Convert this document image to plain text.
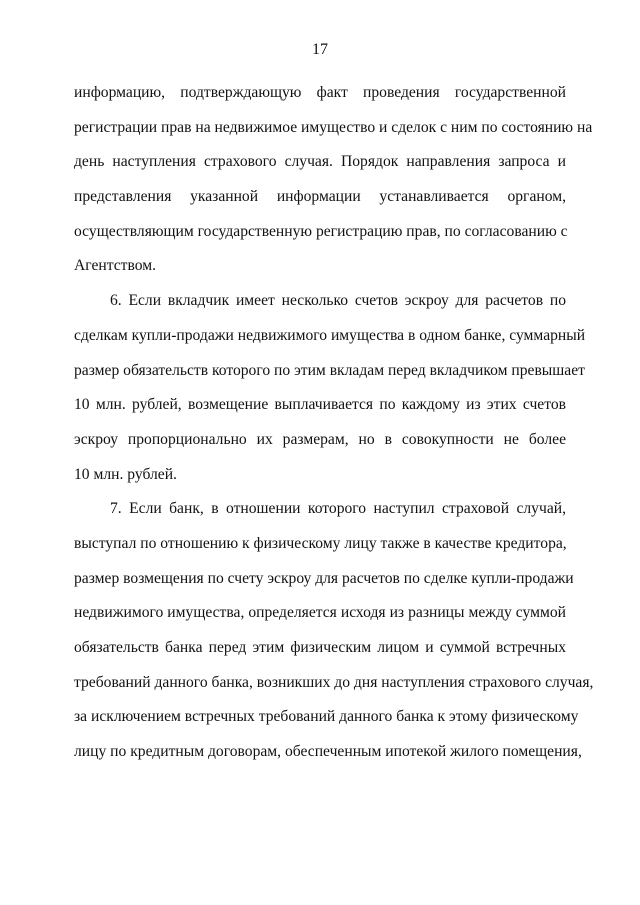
17
информацию, подтверждающую факт проведения государственной
регистрации прав на недвижимое имущество и сделок с ним по состоянию на
день наступления страхового случая. Порядок направления запроса и
представления указанной информации устанавливается органом,
осуществляющим государственную регистрацию прав, по согласованию с
Агентством.
6. Если вкладчик имеет несколько счетов эскроу для расчетов по
сделкам купли-продажи недвижимого имущества в одном банке, суммарный
размер обязательств которого по этим вкладам перед вкладчиком превышает
10 млн. рублей, возмещение выплачивается по каждому из этих счетов
эскроу пропорционально их размерам, но в совокупности не более
10 млн. рублей.
7. Если банк, в отношении которого наступил страховой случай,
выступал по отношению к физическому лицу также в качестве кредитора,
размер возмещения по счету эскроу для расчетов по сделке купли-продажи
недвижимого имущества, определяется исходя из разницы между суммой
обязательств банка перед этим физическим лицом и суммой встречных
требований данного банка, возникших до дня наступления страхового случая,
за исключением встречных требований данного банка к этому физическому
лицу по кредитным договорам, обеспеченным ипотекой жилого помещения,
